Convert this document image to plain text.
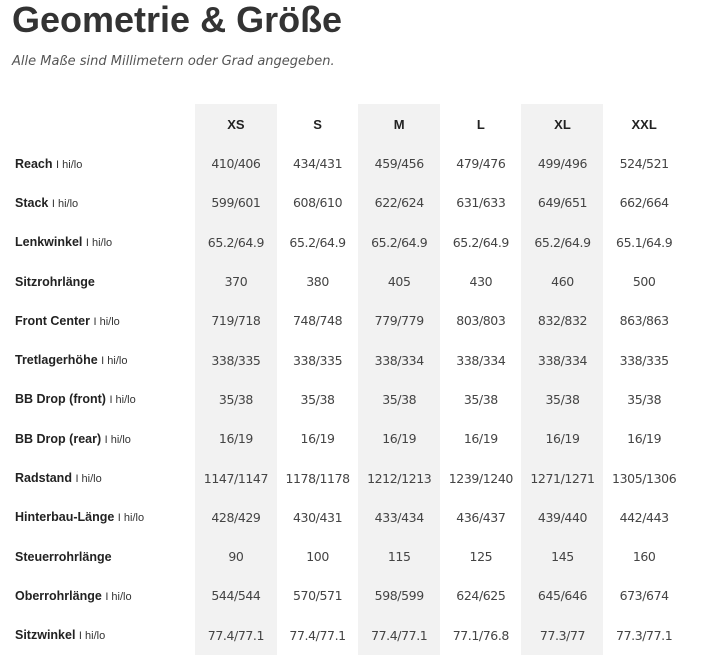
Geometrie & Größe

Alle Maße sind Millimetern oder Grad angegeben.

	XS	S	M	L	XL	XXL
Reach I hi/lo	410/406	434/431	459/456	479/476	499/496	524/521
Stack I hi/lo	599/601	608/610	622/624	631/633	649/651	662/664
Lenkwinkel I hi/lo	65.2/64.9	65.2/64.9	65.2/64.9	65.2/64.9	65.2/64.9	65.1/64.9
Sitzrohrlänge	370	380	405	430	460	500
Front Center I hi/lo	719/718	748/748	779/779	803/803	832/832	863/863
Tretlagerhöhe I hi/lo	338/335	338/335	338/334	338/334	338/334	338/335
BB Drop (front) I hi/lo	35/38	35/38	35/38	35/38	35/38	35/38
BB Drop (rear) I hi/lo	16/19	16/19	16/19	16/19	16/19	16/19
Radstand I hi/lo	1147/1147	1178/1178	1212/1213	1239/1240	1271/1271	1305/1306
Hinterbau-Länge I hi/lo	428/429	430/431	433/434	436/437	439/440	442/443
Steuerrohrlänge	90	100	115	125	145	160
Oberrohrlänge I hi/lo	544/544	570/571	598/599	624/625	645/646	673/674
Sitzwinkel I hi/lo	77.4/77.1	77.4/77.1	77.4/77.1	77.1/76.8	77.3/77	77.3/77.1
